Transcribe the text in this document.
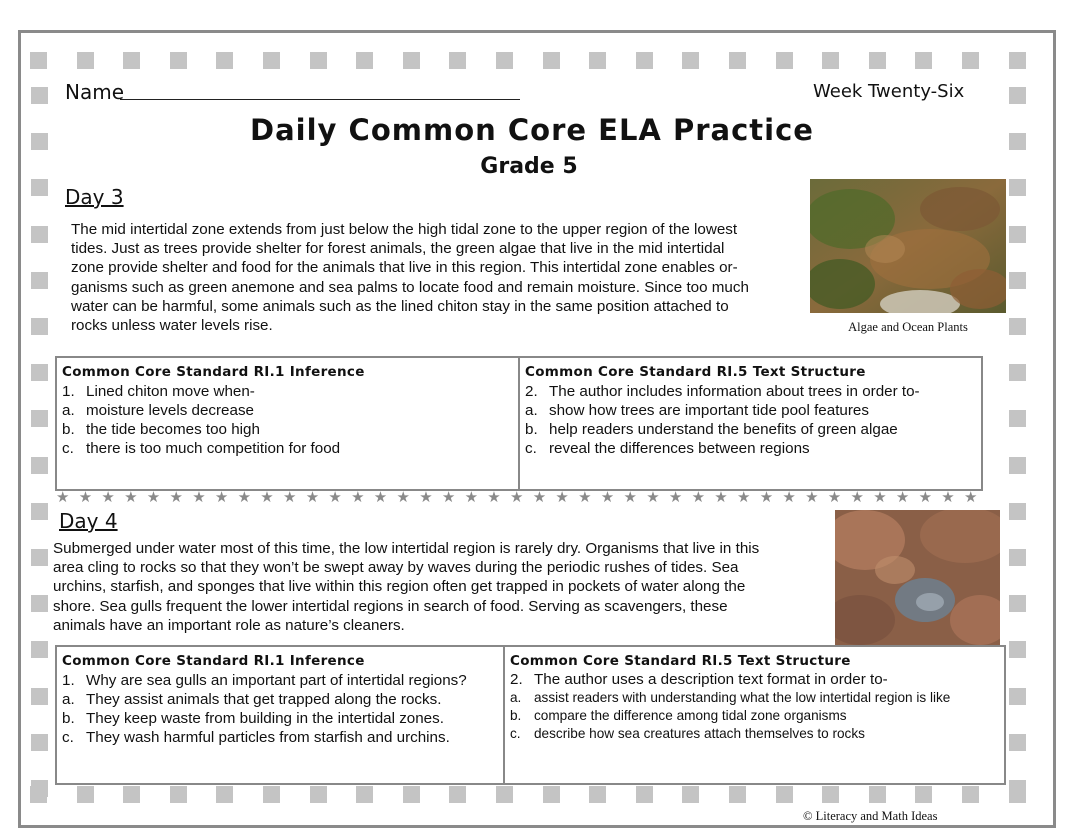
Name	Week Twenty-Six
Daily Common Core ELA Practice
Grade 5
Day 3
The mid intertidal zone extends from just below the high tidal zone to the upper region of the lowest
tides. Just as trees provide shelter for forest animals, the green algae that live in the mid intertidal
zone provide shelter and food for the animals that live in this region. This intertidal zone enables or-
ganisms such as green anemone and sea palms to locate food and remain moisture. Since too much
water can be harmful, some animals such as the lined chiton stay in the same position attached to
rocks unless water levels rise.	Algae and Ocean Plants
Common Core Standard RI.1 Inference
1. Lined chiton move when-
a. moisture levels decrease
b. the tide becomes too high
c. there is too much competition for food
Common Core Standard RI.5 Text Structure
2. The author includes information about trees in order to-
a. show how trees are important tide pool features
b. help readers understand the benefits of green algae
c. reveal the differences between regions
★ ★ ★ ★ ★ ★ ★ ★ ★ ★ ★ ★ ★ ★ ★ ★ ★ ★ ★ ★ ★ ★ ★ ★ ★ ★ ★ ★ ★ ★ ★ ★ ★ ★ ★ ★ ★ ★ ★ ★ ★
Day 4
Submerged under water most of this time, the low intertidal region is rarely dry. Organisms that live in this
area cling to rocks so that they won’t be swept away by waves during the periodic rushes of tides. Sea
urchins, starfish, and sponges that live within this region often get trapped in pockets of water along the
shore. Sea gulls frequent the lower intertidal regions in search of food. Serving as scavengers, these
animals have an important role as nature’s cleaners.
Common Core Standard RI.1 Inference
1. Why are sea gulls an important part of intertidal regions?
a. They assist animals that get trapped along the rocks.
b. They keep waste from building in the intertidal zones.
c. They wash harmful particles from starfish and urchins.
Common Core Standard RI.5 Text Structure
2. The author uses a description text format in order to-
a. assist readers with understanding what the low intertidal region is like
b. compare the difference among tidal zone organisms
c. describe how sea creatures attach themselves to rocks
© Literacy and Math Ideas
